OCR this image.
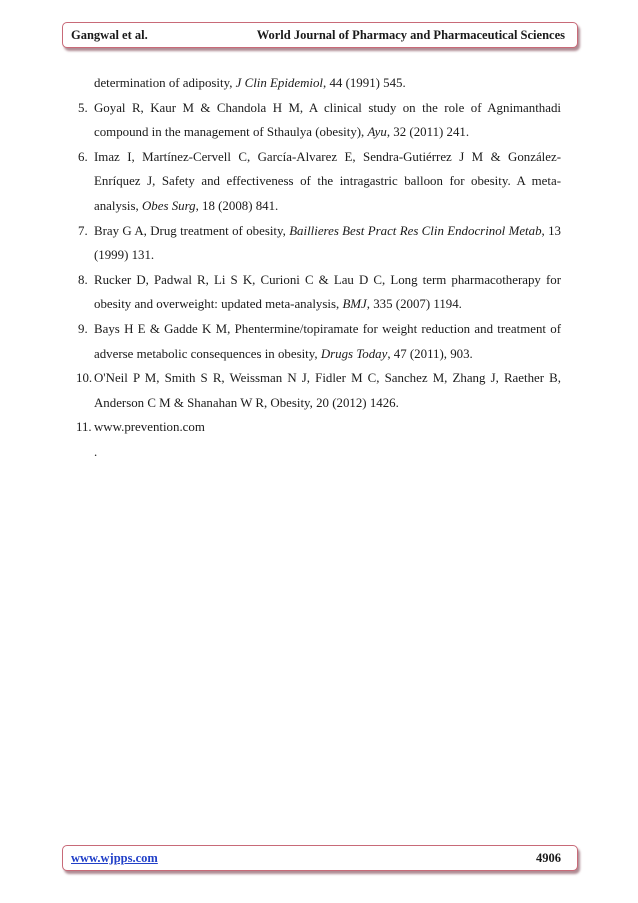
Gangwal et al.	World Journal of Pharmacy and Pharmaceutical Sciences
determination of adiposity, J Clin Epidemiol, 44 (1991) 545.
5. Goyal R, Kaur M & Chandola H M, A clinical study on the role of Agnimanthadi compound in the management of Sthaulya (obesity), Ayu, 32 (2011) 241.
6. Imaz I, Martínez-Cervell C, García-Alvarez E, Sendra-Gutiérrez J M & González-Enríquez J, Safety and effectiveness of the intragastric balloon for obesity. A meta-analysis, Obes Surg, 18 (2008) 841.
7. Bray G A, Drug treatment of obesity, Baillieres Best Pract Res Clin Endocrinol Metab, 13 (1999) 131.
8. Rucker D, Padwal R, Li S K, Curioni C & Lau D C, Long term pharmacotherapy for obesity and overweight: updated meta-analysis, BMJ, 335 (2007) 1194.
9. Bays H E & Gadde K M, Phentermine/topiramate for weight reduction and treatment of adverse metabolic consequences in obesity, Drugs Today, 47 (2011), 903.
10. O'Neil P M, Smith S R, Weissman N J, Fidler M C, Sanchez M, Zhang J, Raether B, Anderson C M & Shanahan W R, Obesity, 20 (2012) 1426.
11. www.prevention.com
.
www.wjpps.com	4906
